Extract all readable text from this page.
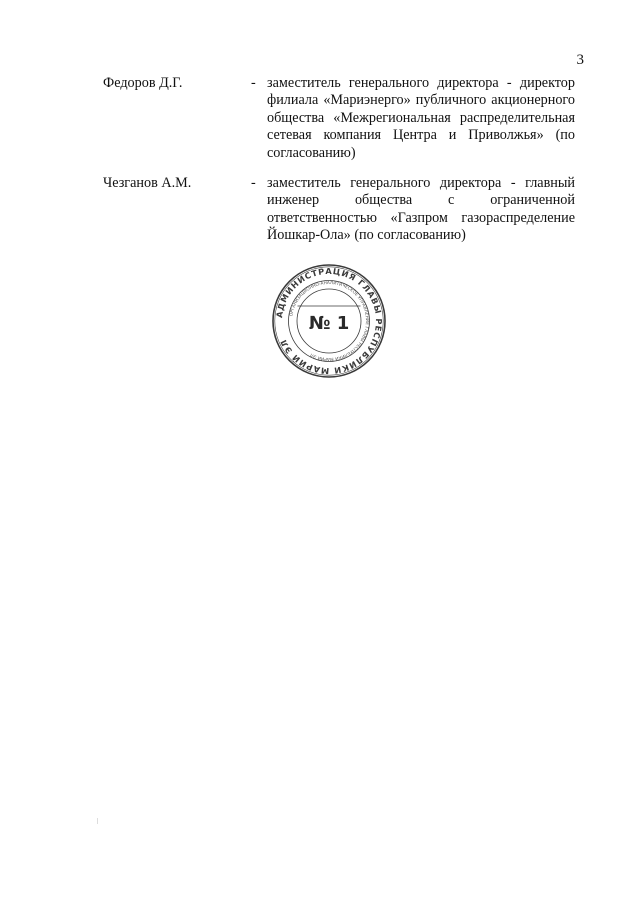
3
Федоров Д.Г.	- заместитель генерального директора - директор филиала «Мариэнерго» публичного акционерного общества «Межрегиональная распределительная сетевая компания Центра и Приволжья» (по согласованию)
Чезганов А.М.	- заместитель генерального директора - главный инженер общества с ограниченной ответственностью «Газпром газораспределение Йошкар-Ола» (по согласованию)
АДМИНИСТРАЦИЯ ГЛАВЫ РЕСПУБЛИКИ МАРИЙ ЭЛ
ОРГАНИЗАЦИОННО-АНАЛИТИЧЕСКОЕ УПРАВЛЕНИЕ ГЛАВЫ РЕСПУБЛИКИ МАРИЙ ЭЛ
№ 1
